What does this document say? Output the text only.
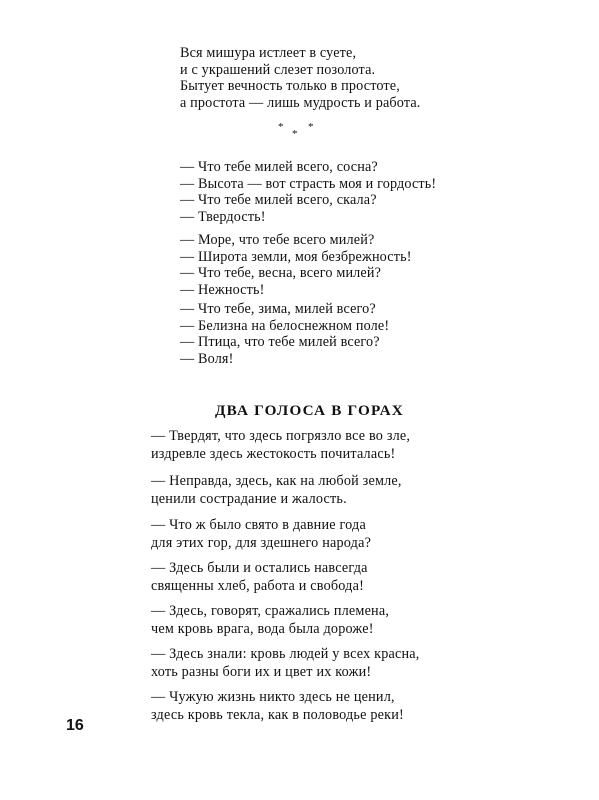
Вся мишура истлеет в суете,
и с украшений слезет позолота.
Бытует вечность только в простоте,
а простота — лишь мудрость и работа.
*
*
*
— Что тебе милей всего, сосна?
— Высота — вот страсть моя и гордость!
— Что тебе милей всего, скала?
— Твердость!
— Море, что тебе всего милей?
— Широта земли, моя безбрежность!
— Что тебе, весна, всего милей?
— Нежность!
— Что тебе, зима, милей всего?
— Белизна на белоснежном поле!
— Птица, что тебе милей всего?
— Воля!
ДВА ГОЛОСА В ГОРАХ
— Твердят, что здесь погрязло все во зле,
издревле здесь жестокость почиталась!
— Неправда, здесь, как на любой земле,
ценили сострадание и жалость.
— Что ж было свято в давние года
для этих гор, для здешнего народа?
— Здесь были и остались навсегда
священны хлеб, работа и свобода!
— Здесь, говорят, сражались племена,
чем кровь врага, вода была дороже!
— Здесь знали: кровь людей у всех красна,
хоть разны боги их и цвет их кожи!
— Чужую жизнь никто здесь не ценил,
здесь кровь текла, как в половодье реки!
16
